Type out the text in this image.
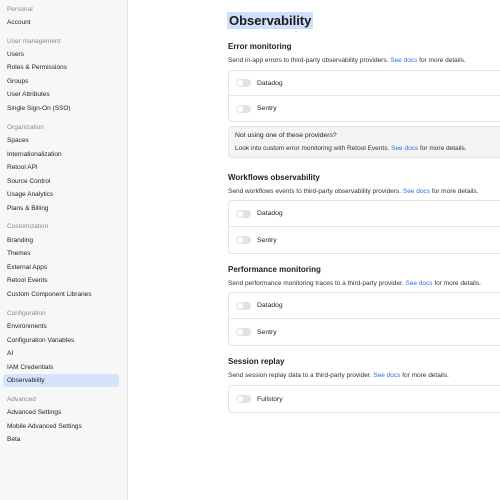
Personal
Account
User management
Users
Roles & Permissions
Groups
User Attributes
Single Sign-On (SSO)
Organization
Spaces
Internationalization
Retool API
Source Control
Usage Analytics
Plans & Billing
Customization
Branding
Themes
External Apps
Retool Events
Custom Component Libraries
Configuration
Environments
Configuration Variables
AI
IAM Credentials
Observability
Advanced
Advanced Settings
Mobile Advanced Settings
Beta
Observability
Error monitoring
Send in-app errors to third-party observability providers. See docs for more details.
Datadog
Sentry
Not using one of these providers?
Look into custom error monitoring with Retool Events. See docs for more details.
Workflows observability
Send workflows events to third-party observability providers. See docs for more details.
Datadog
Sentry
Performance monitoring
Send performance monitoring traces to a third-party provider. See docs for more details.
Datadog
Sentry
Session replay
Send session replay data to a third-party provider. See docs for more details.
Fullstory
